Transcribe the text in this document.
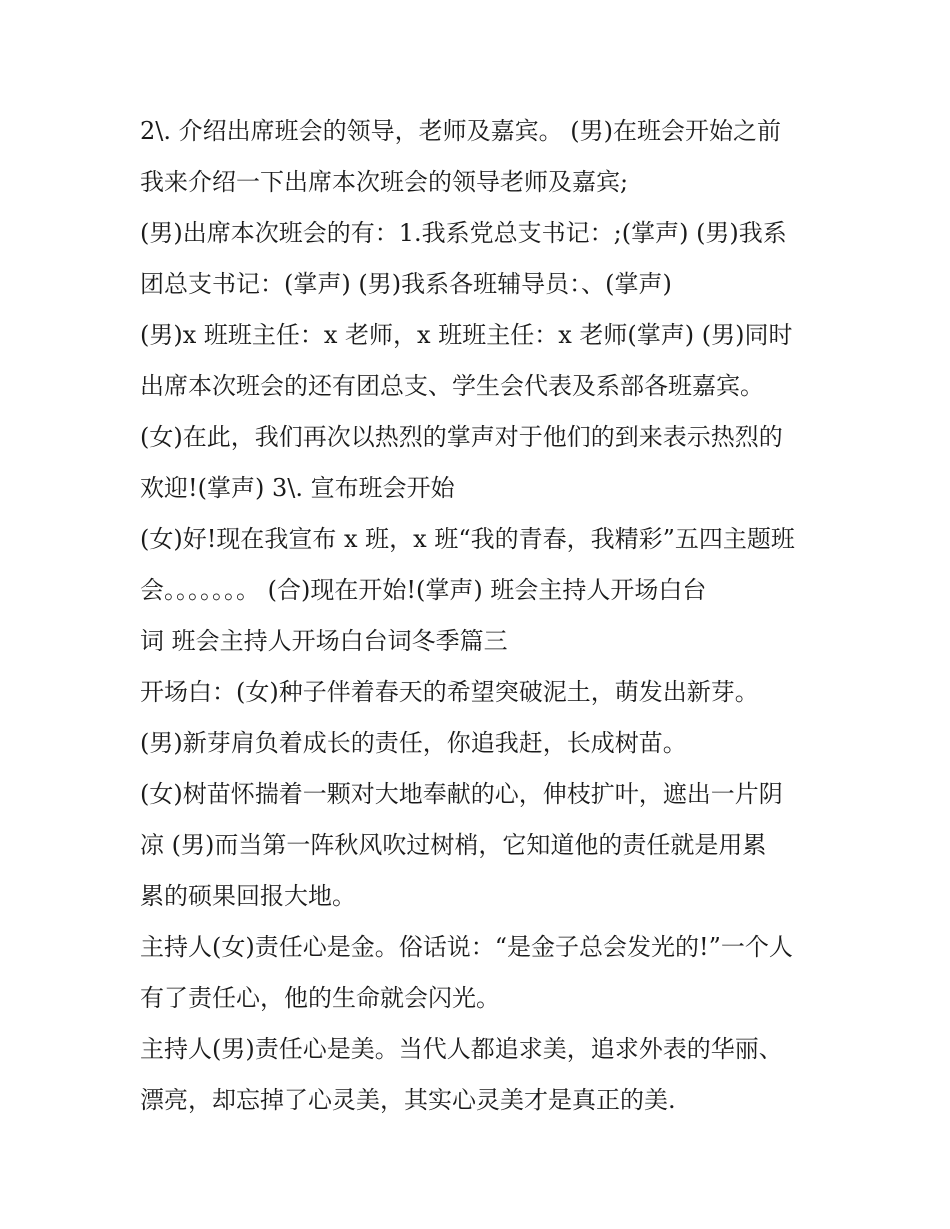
2\. 介绍出席班会的领导，老师及嘉宾。 (男)在班会开始之前
我来介绍一下出席本次班会的领导老师及嘉宾;
(男)出席本次班会的有：1.我系党总支书记：;(掌声) (男)我系
团总支书记：(掌声) (男)我系各班辅导员：、(掌声)
(男)x 班班主任：x 老师，x 班班主任：x 老师(掌声) (男)同时
出席本次班会的还有团总支、学生会代表及系部各班嘉宾。
(女)在此，我们再次以热烈的掌声对于他们的到来表示热烈的
欢迎!(掌声) 3\. 宣布班会开始
(女)好!现在我宣布 x 班，x 班“我的青春，我精彩”五四主题班
会。。。。。。。 (合)现在开始!(掌声) 班会主持人开场白台
词 班会主持人开场白台词冬季篇三
开场白：(女)种子伴着春天的希望突破泥土，萌发出新芽。
(男)新芽肩负着成长的责任，你追我赶，长成树苗。
(女)树苗怀揣着一颗对大地奉献的心，伸枝扩叶，遮出一片阴
凉 (男)而当第一阵秋风吹过树梢，它知道他的责任就是用累
累的硕果回报大地。
主持人(女)责任心是金。俗话说：“是金子总会发光的!”一个人
有了责任心，他的生命就会闪光。
主持人(男)责任心是美。当代人都追求美，追求外表的华丽、
漂亮，却忘掉了心灵美，其实心灵美才是真正的美.
